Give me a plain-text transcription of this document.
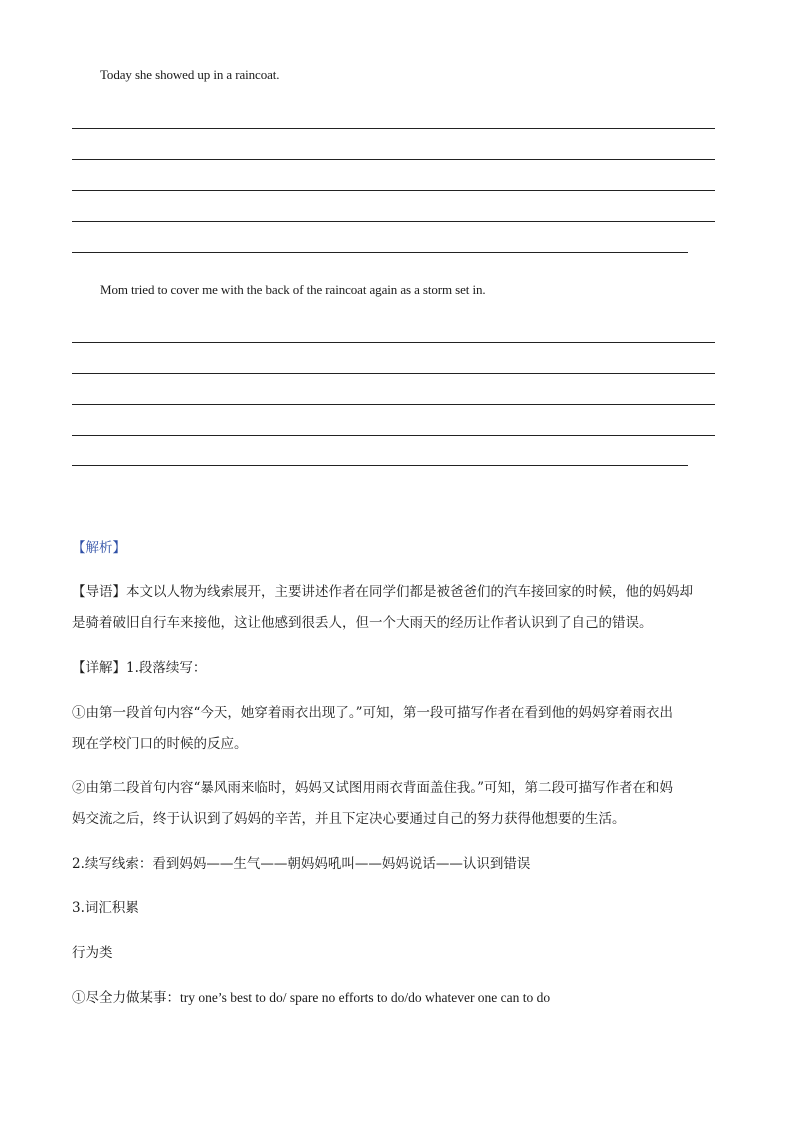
Today she showed up in a raincoat.
Mom tried to cover me with the back of the raincoat again as a storm set in.
【解析】
【导语】本文以人物为线索展开，主要讲述作者在同学们都是被爸爸们的汽车接回家的时候，他的妈妈却
是骑着破旧自行车来接他，这让他感到很丢人，但一个大雨天的经历让作者认识到了自己的错误。
【详解】1.段落续写：
①由第一段首句内容“今天，她穿着雨衣出现了。”可知，第一段可描写作者在看到他的妈妈穿着雨衣出
现在学校门口的时候的反应。
②由第二段首句内容“暴风雨来临时，妈妈又试图用雨衣背面盖住我。”可知，第二段可描写作者在和妈
妈交流之后，终于认识到了妈妈的辛苦，并且下定决心要通过自己的努力获得他想要的生活。
2.续写线索：看到妈妈——生气——朝妈妈吼叫——妈妈说话——认识到错误
3.词汇积累
行为类
①尽全力做某事：try one’s best to do/ spare no efforts to do/do whatever one can to do
